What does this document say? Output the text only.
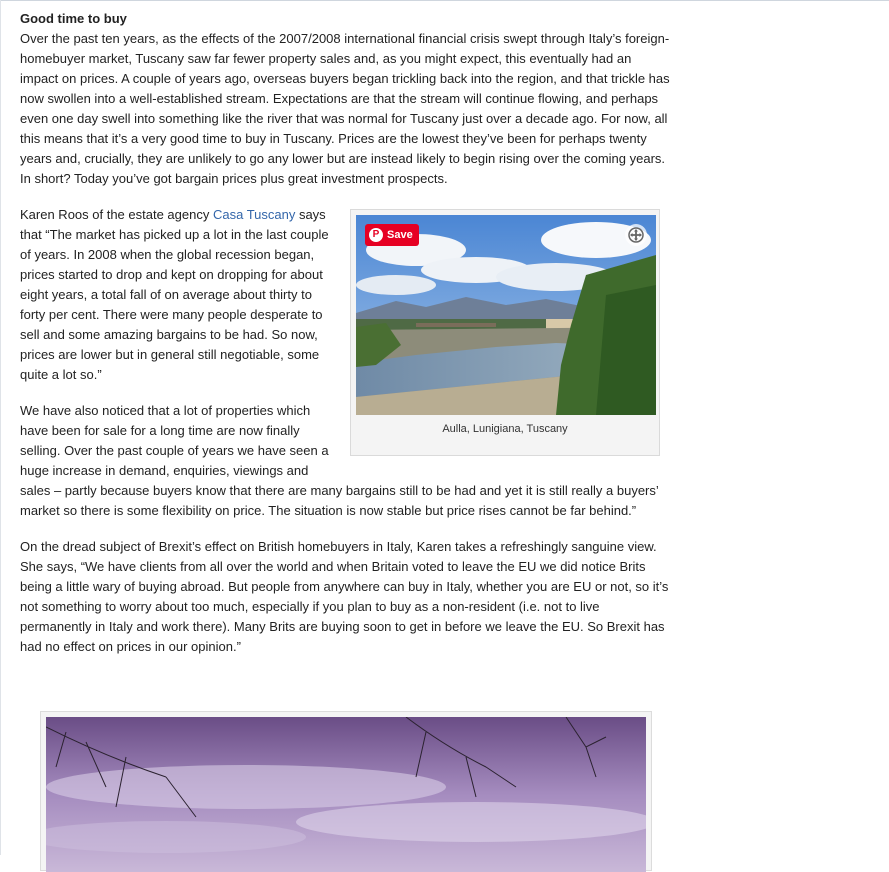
Good time to buy

Over the past ten years, as the effects of the 2007/2008 international financial crisis swept through Italy’s foreign-homebuyer market, Tuscany saw far fewer property sales and, as you might expect, this eventually had an impact on prices. A couple of years ago, overseas buyers began trickling back into the region, and that trickle has now swollen into a well-established stream. Expectations are that the stream will continue flowing, and perhaps even one day swell into something like the river that was normal for Tuscany just over a decade ago. For now, all this means that it’s a very good time to buy in Tuscany. Prices are the lowest they’ve been for perhaps twenty years and, crucially, they are unlikely to go any lower but are instead likely to begin rising over the coming years. In short? Today you’ve got bargain prices plus great investment prospects.

P Save
Aulla, Lunigiana, Tuscany

Karen Roos of the estate agency Casa Tuscany says that “The market has picked up a lot in the last couple of years. In 2008 when the global recession began, prices started to drop and kept on dropping for about eight years, a total fall of on average about thirty to forty per cent. There were many people desperate to sell and some amazing bargains to be had. So now, prices are lower but in general still negotiable, some quite a lot so.”

We have also noticed that a lot of properties which have been for sale for a long time are now finally selling. Over the past couple of years we have seen a huge increase in demand, enquiries, viewings and sales – partly because buyers know that there are many bargains still to be had and yet it is still really a buyers’ market so there is some flexibility on price. The situation is now stable but price rises cannot be far behind.”

On the dread subject of Brexit’s effect on British homebuyers in Italy, Karen takes a refreshingly sanguine view. She says, “We have clients from all over the world and when Britain voted to leave the EU we did notice Brits being a little wary of buying abroad. But people from anywhere can buy in Italy, whether you are EU or not, so it’s not something to worry about too much, especially if you plan to buy as a non-resident (i.e. not to live permanently in Italy and work there). Many Brits are buying soon to get in before we leave the EU. So Brexit has had no effect on prices in our opinion.”
